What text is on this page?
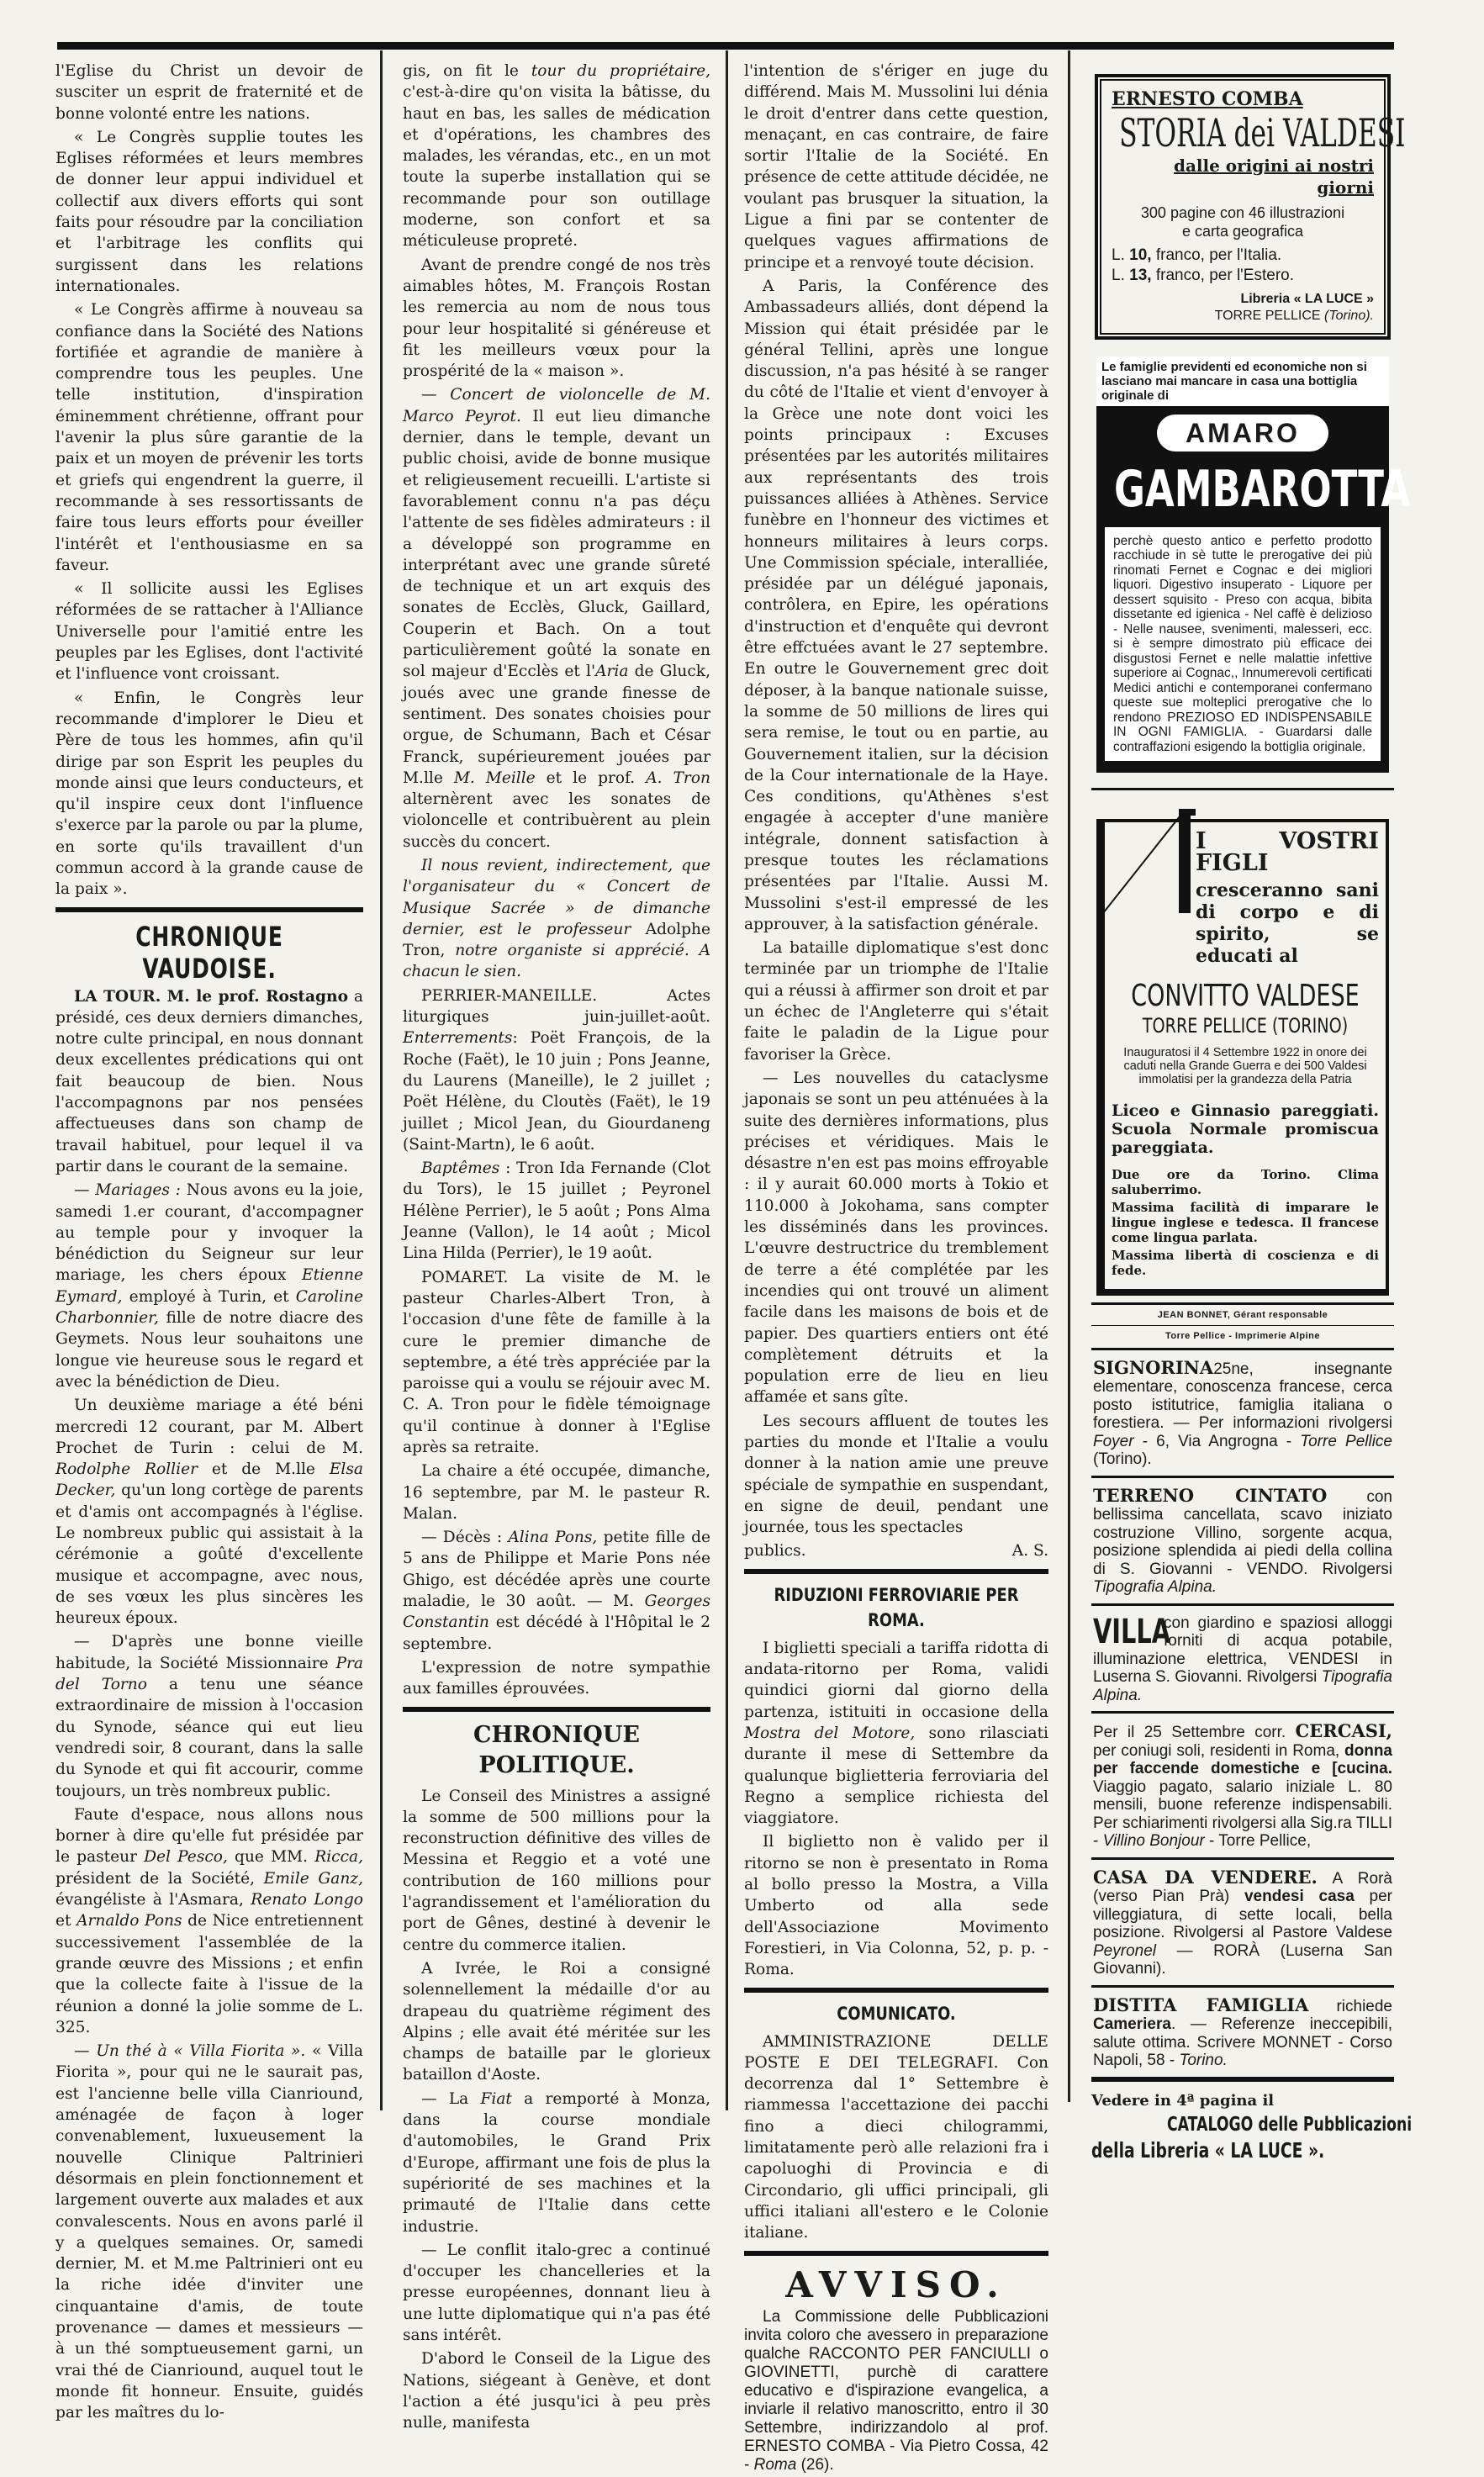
l'Eglise du Christ un devoir de susciter un esprit de fraternité et de bonne volonté entre les nations.

« Le Congrès supplie toutes les Eglises réformées et leurs membres de donner leur appui individuel et collectif aux divers efforts qui sont faits pour résoudre par la conciliation et l'arbitrage les conflits qui surgissent dans les relations internationales.

« Le Congrès affirme à nouveau sa confiance dans la Société des Nations fortifiée et agrandie de manière à comprendre tous les peuples. Une telle institution, d'inspiration éminemment chrétienne, offrant pour l'avenir la plus sûre garantie de la paix et un moyen de prévenir les torts et griefs qui engendrent la guerre, il recommande à ses ressortissants de faire tous leurs efforts pour éveiller l'intérêt et l'enthousiasme en sa faveur.

« Il sollicite aussi les Eglises réformées de se rattacher à l'Alliance Universelle pour l'amitié entre les peuples par les Eglises, dont l'activité et l'influence vont croissant.

« Enfin, le Congrès leur recommande d'implorer le Dieu et Père de tous les hommes, afin qu'il dirige par son Esprit les peuples du monde ainsi que leurs conducteurs, et qu'il inspire ceux dont l'influence s'exerce par la parole ou par la plume, en sorte qu'ils travaillent d'un commun accord à la grande cause de la paix ».

CHRONIQUE VAUDOISE.

LA TOUR. M. le prof. Rostagno a présidé, ces deux derniers dimanches, notre culte principal, en nous donnant deux excellentes prédications qui ont fait beaucoup de bien. Nous l'accompagnons par nos pensées affectueuses dans son champ de travail habituel, pour lequel il va partir dans le courant de la semaine.

— Mariages : Nous avons eu la joie, samedi 1.er courant, d'accompagner au temple pour y invoquer la bénédiction du Seigneur sur leur mariage, les chers époux Etienne Eymard, employé à Turin, et Caroline Charbonnier, fille de notre diacre des Geymets. Nous leur souhaitons une longue vie heureuse sous le regard et avec la bénédiction de Dieu.

Un deuxième mariage a été béni mercredi 12 courant, par M. Albert Prochet de Turin : celui de M. Rodolphe Rollier et de M.lle Elsa Decker, qu'un long cortège de parents et d'amis ont accompagnés à l'église. Le nombreux public qui assistait à la cérémonie a goûté d'excellente musique et accompagne, avec nous, de ses vœux les plus sincères les heureux époux.

— D'après une bonne vieille habitude, la Société Missionnaire Pra del Torno a tenu une séance extraordinaire de mission à l'occasion du Synode, séance qui eut lieu vendredi soir, 8 courant, dans la salle du Synode et qui fit accourir, comme toujours, un très nombreux public.

Faute d'espace, nous allons nous borner à dire qu'elle fut présidée par le pasteur Del Pesco, que MM. Ricca, président de la Société, Emile Ganz, évangéliste à l'Asmara, Renato Longo et Arnaldo Pons de Nice entretiennent successivement l'assemblée de la grande œuvre des Missions ; et enfin que la collecte faite à l'issue de la réunion a donné la jolie somme de L. 325.

— Un thé à « Villa Fiorita ». « Villa Fiorita », pour qui ne le saurait pas, est l'ancienne belle villa Cianriound, aménagée de façon à loger convenablement, luxueusement la nouvelle Clinique Paltrinieri désormais en plein fonctionnement et largement ouverte aux malades et aux convalescents. Nous en avons parlé il y a quelques semaines. Or, samedi dernier, M. et M.me Paltrinieri ont eu la riche idée d'inviter une cinquantaine d'amis, de toute provenance — dames et messieurs — à un thé somptueusement garni, un vrai thé de Cianriound, auquel tout le monde fit honneur. Ensuite, guidés par les maîtres du lo-

gis, on fit le tour du propriétaire, c'est-à-dire qu'on visita la bâtisse, du haut en bas, les salles de médication et d'opérations, les chambres des malades, les vérandas, etc., en un mot toute la superbe installation qui se recommande pour son outillage moderne, son confort et sa méticuleuse propreté.

Avant de prendre congé de nos très aimables hôtes, M. François Rostan les remercia au nom de nous tous pour leur hospitalité si généreuse et fit les meilleurs vœux pour la prospérité de la « maison ».

— Concert de violoncelle de M. Marco Peyrot. Il eut lieu dimanche dernier, dans le temple, devant un public choisi, avide de bonne musique et religieusement recueilli. L'artiste si favorablement connu n'a pas déçu l'attente de ses fidèles admirateurs : il a développé son programme en interprétant avec une grande sûreté de technique et un art exquis des sonates de Ecclès, Gluck, Gaillard, Couperin et Bach. On a tout particulièrement goûté la sonate en sol majeur d'Ecclès et l'Aria de Gluck, joués avec une grande finesse de sentiment. Des sonates choisies pour orgue, de Schumann, Bach et César Franck, supérieurement jouées par M.lle M. Meille et le prof. A. Tron alternèrent avec les sonates de violoncelle et contribuèrent au plein succès du concert.

Il nous revient, indirectement, que l'organisateur du « Concert de Musique Sacrée » de dimanche dernier, est le professeur Adolphe Tron, notre organiste si apprécié. A chacun le sien.

PERRIER-MANEILLE. Actes liturgiques juin-juillet-août. Enterrements: Poët François, de la Roche (Faët), le 10 juin ; Pons Jeanne, du Laurens (Maneille), le 2 juillet ; Poët Hélène, du Cloutès (Faët), le 19 juillet ; Micol Jean, du Giourdaneng (Saint-Martn), le 6 août.

Baptêmes : Tron Ida Fernande (Clot du Tors), le 15 juillet ; Peyronel Hélène Perrier), le 5 août ; Pons Alma Jeanne (Vallon), le 14 août ; Micol Lina Hilda (Perrier), le 19 août.

POMARET. La visite de M. le pasteur Charles-Albert Tron, à l'occasion d'une fête de famille à la cure le premier dimanche de septembre, a été très appréciée par la paroisse qui a voulu se réjouir avec M. C. A. Tron pour le fidèle témoignage qu'il continue à donner à l'Eglise après sa retraite.

La chaire a été occupée, dimanche, 16 septembre, par M. le pasteur R. Malan.

— Décès : Alina Pons, petite fille de 5 ans de Philippe et Marie Pons née Ghigo, est décédée après une courte maladie, le 30 août. — M. Georges Constantin est décédé à l'Hôpital le 2 septembre.

L'expression de notre sympathie aux familles éprouvées.

CHRONIQUE POLITIQUE.

Le Conseil des Ministres a assigné la somme de 500 millions pour la reconstruction définitive des villes de Messina et Reggio et a voté une contribution de 160 millions pour l'agrandissement et l'amélioration du port de Gênes, destiné à devenir le centre du commerce italien.

A Ivrée, le Roi a consigné solennellement la médaille d'or au drapeau du quatrième régiment des Alpins ; elle avait été méritée sur les champs de bataille par le glorieux bataillon d'Aoste.

— La Fiat a remporté à Monza, dans la course mondiale d'automobiles, le Grand Prix d'Europe, affirmant une fois de plus la supériorité de ses machines et la primauté de l'Italie dans cette industrie.

— Le conflit italo-grec a continué d'occuper les chancelleries et la presse européennes, donnant lieu à une lutte diplomatique qui n'a pas été sans intérêt.

D'abord le Conseil de la Ligue des Nations, siégeant à Genève, et dont l'action a été jusqu'ici à peu près nulle, manifesta

l'intention de s'ériger en juge du différend. Mais M. Mussolini lui dénia le droit d'entrer dans cette question, menaçant, en cas contraire, de faire sortir l'Italie de la Société. En présence de cette attitude décidée, ne voulant pas brusquer la situation, la Ligue a fini par se contenter de quelques vagues affirmations de principe et a renvoyé toute décision.

A Paris, la Conférence des Ambassadeurs alliés, dont dépend la Mission qui était présidée par le général Tellini, après une longue discussion, n'a pas hésité à se ranger du côté de l'Italie et vient d'envoyer à la Grèce une note dont voici les points principaux : Excuses présentées par les autorités militaires aux représentants des trois puissances alliées à Athènes. Service funèbre en l'honneur des victimes et honneurs militaires à leurs corps. Une Commission spéciale, interalliée, présidée par un délégué japonais, contrôlera, en Epire, les opérations d'instruction et d'enquête qui devront être effctuées avant le 27 septembre. En outre le Gouvernement grec doit déposer, à la banque nationale suisse, la somme de 50 millions de lires qui sera remise, le tout ou en partie, au Gouvernement italien, sur la décision de la Cour internationale de la Haye. Ces conditions, qu'Athènes s'est engagée à accepter d'une manière intégrale, donnent satisfaction à presque toutes les réclamations présentées par l'Italie. Aussi M. Mussolini s'est-il empressé de les approuver, à la satisfaction générale.

La bataille diplomatique s'est donc terminée par un triomphe de l'Italie qui a réussi à affirmer son droit et par un échec de l'Angleterre qui s'était faite le paladin de la Ligue pour favoriser la Grèce.

— Les nouvelles du cataclysme japonais se sont un peu atténuées à la suite des dernières informations, plus précises et véridiques. Mais le désastre n'en est pas moins effroyable : il y aurait 60.000 morts à Tokio et 110.000 à Jokohama, sans compter les disséminés dans les provinces. L'œuvre destructrice du tremblement de terre a été complétée par les incendies qui ont trouvé un aliment facile dans les maisons de bois et de papier. Des quartiers entiers ont été complètement détruits et la population erre de lieu en lieu affamée et sans gîte.

Les secours affluent de toutes les parties du monde et l'Italie a voulu donner à la nation amie une preuve spéciale de sympathie en suspendant, en signe de deuil, pendant une journée, tous les spectacles

publics.	A. S.
RIDUZIONI FERROVIARIE PER ROMA.

I biglietti speciali a tariffa ridotta di andata-ritorno per Roma, validi quindici giorni dal giorno della partenza, istituiti in occasione della Mostra del Motore, sono rilasciati durante il mese di Settembre da qualunque biglietteria ferroviaria del Regno a semplice richiesta del viaggiatore.

Il biglietto non è valido per il ritorno se non è presentato in Roma al bollo presso la Mostra, a Villa Umberto od alla sede dell'Associazione Movimento Forestieri, in Via Colonna, 52, p. p. - Roma.

COMUNICATO.

AMMINISTRAZIONE DELLE POSTE E DEI TELEGRAFI. Con decorrenza dal 1° Settembre è riammessa l'accettazione dei pacchi fino a dieci chilogrammi, limitatamente però alle relazioni fra i capoluoghi di Provincia e di Circondario, gli uffici principali, gli uffici italiani all'estero e le Colonie italiane.

AVVISO.

La Commissione delle Pubblicazioni invita coloro che avessero in preparazione qualche RACCONTO PER FANCIULLI o GIOVINETTI, purchè di carattere educativo e d'ispirazione evangelica, a inviarle il relativo manoscritto, entro il 30 Settembre, indirizzandolo al prof. ERNESTO COMBA - Via Pietro Cossa, 42 - Roma (26).

ERNESTO COMBA
STORIA dei VALDESI
dalle origini ai nostri giorni
300 pagine con 46 illustrazioni
e carta geografica
L. 10, franco, per l'Italia.
L. 13, franco, per l'Estero.
Libreria « LA LUCE »
TORRE PELLICE (Torino).
Le famiglie previdenti ed economiche non si lasciano mai mancare in casa una bottiglia originale di
AMARO
GAMBAROTTA
perchè questo antico e perfetto prodotto racchiude in sè tutte le prerogative dei più rinomati Fernet e Cognac e dei migliori liquori. Digestivo insuperato - Liquore per dessert squisito - Preso con acqua, bibita dissetante ed igienica - Nel caffè è delizioso - Nelle nausee, svenimenti, malesseri, ecc. si è sempre dimostrato più efficace dei disgustosi Fernet e nelle malattie infettive superiore ai Cognac,, Innumerevoli certificati Medici antichi e contemporanei confermano queste sue molteplici prerogative che lo rendono PREZIOSO ED INDISPENSABILE IN OGNI FAMIGLIA. - Guardarsi dalle contraffazioni esigendo la bottiglia originale.
I VOSTRI FIGLI
cresceranno sani di corpo e di spirito, se educati al
CONVITTO VALDESE
TORRE PELLICE (TORINO)
Inauguratosi il 4 Settembre 1922 in onore dei caduti nella Grande Guerra e dei 500 Valdesi immolatisi per la grandezza della Patria
Liceo e Ginnasio pareggiati. Scuola Normale promiscua pareggiata.
Due ore da Torino. Clima saluberrimo.
Massima facilità di imparare le lingue inglese e tedesca. Il francese come lingua parlata.
Massima libertà di coscienza e di fede.
JEAN BONNET, Gérant responsable
Torre Pellice - Imprimerie Alpine
SIGNORINA25ne, insegnante elementare, conoscenza francese, cerca posto istitutrice, famiglia italiana o forestiera. — Per informazioni rivolgersi Foyer - 6, Via Angrogna - Torre Pellice (Torino).
TERRENO CINTATO con bellissima cancellata, scavo iniziato costruzione Villino, sorgente acqua, posizione splendida ai piedi della collina di S. Giovanni - VENDO. Rivolgersi Tipografia Alpina.
VILLA
con giardino e spaziosi alloggi forniti di acqua potabile, illuminazione elettrica, VENDESI in Luserna S. Giovanni. Rivolgersi Tipografia Alpina.
Per il 25 Settembre corr. CERCASI, per coniugi soli, residenti in Roma, donna per faccende domestiche e [cucina. Viaggio pagato, salario iniziale L. 80 mensili, buone referenze indispensabili. Per schiarimenti rivolgersi alla Sig.ra TILLI - Villino Bonjour - Torre Pellice,
CASA DA VENDERE. A Rorà (verso Pian Prà) vendesi casa per villeggiatura, di sette locali, bella posizione. Rivolgersi al Pastore Valdese Peyronel — RORÀ (Luserna San Giovanni).
DISTITA FAMIGLIA richiede Cameriera. — Referenze ineccepibili, salute ottima. Scrivere MONNET - Corso Napoli, 58 - Torino.
Vedere in 4ª pagina il
CATALOGO delle Pubblicazioni
della Libreria « LA LUCE ».
